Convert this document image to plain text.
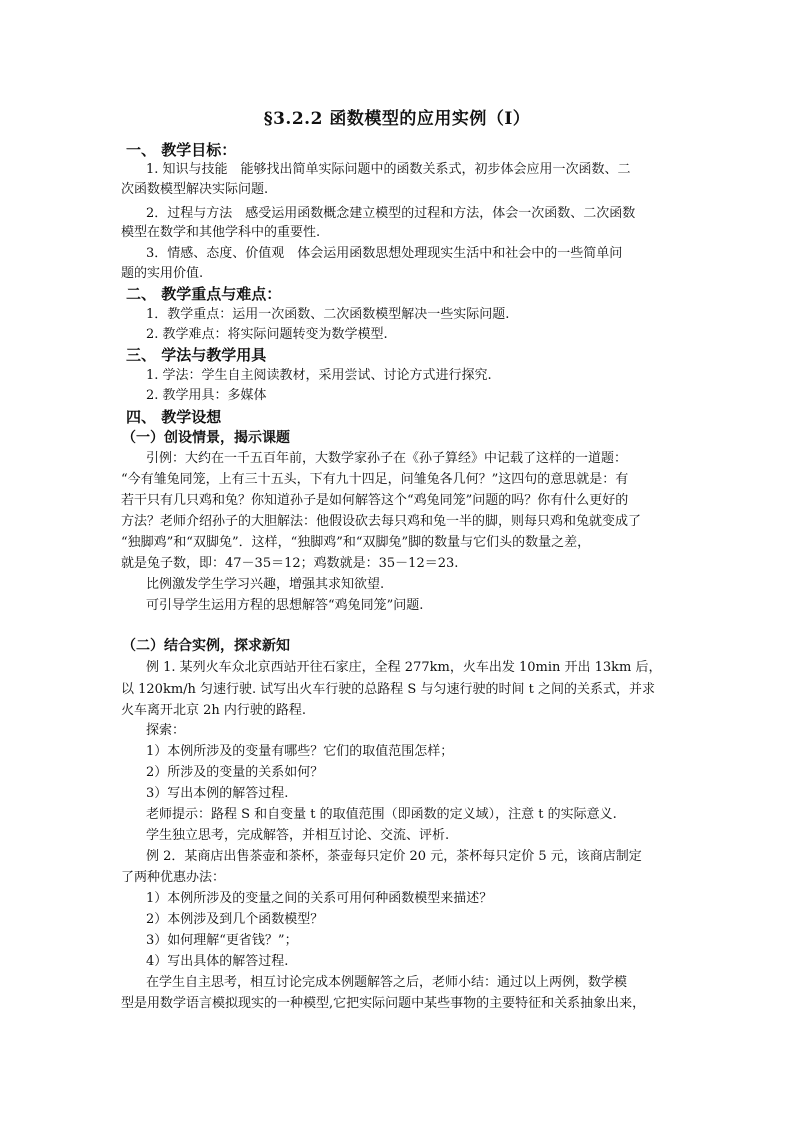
§3.2.2 函数模型的应用实例（Ⅰ）
一、 教学目标：
1. 知识与技能　能够找出简单实际问题中的函数关系式，初步体会应用一次函数、二
次函数模型解决实际问题.
2．过程与方法　感受运用函数概念建立模型的过程和方法，体会一次函数、二次函数
模型在数学和其他学科中的重要性.
3．情感、态度、价值观　体会运用函数思想处理现实生活中和社会中的一些简单问
题的实用价值.
二、 教学重点与难点：
1．教学重点：运用一次函数、二次函数模型解决一些实际问题.
2. 教学难点：将实际问题转变为数学模型.
三、 学法与教学用具
1. 学法：学生自主阅读教材，采用尝试、讨论方式进行探究.
2. 教学用具：多媒体
四、 教学设想
（一）创设情景，揭示课题
引例：大约在一千五百年前，大数学家孙子在《孙子算经》中记载了这样的一道题：
“今有雏兔同笼，上有三十五头，下有九十四足，问雏兔各几何？”这四句的意思就是：有
若干只有几只鸡和兔？你知道孙子是如何解答这个“鸡兔同笼”问题的吗？你有什么更好的
方法？老师介绍孙子的大胆解法：他假设砍去每只鸡和兔一半的脚，则每只鸡和兔就变成了
“独脚鸡”和“双脚兔”．这样，“独脚鸡”和“双脚兔”脚的数量与它们头的数量之差，
就是兔子数，即：47－35＝12；鸡数就是：35－12＝23.
比例激发学生学习兴趣，增强其求知欲望.
可引导学生运用方程的思想解答“鸡兔同笼”问题.
（二）结合实例，探求新知
例 1. 某列火车众北京西站开往石家庄，全程 277km，火车出发 10min 开出 13km 后，
以 120km/h 匀速行驶. 试写出火车行驶的总路程 S 与匀速行驶的时间 t 之间的关系式，并求
火车离开北京 2h 内行驶的路程.
探索：
1）本例所涉及的变量有哪些？它们的取值范围怎样；
2）所涉及的变量的关系如何？
3）写出本例的解答过程.
老师提示：路程 S 和自变量 t 的取值范围（即函数的定义域），注意 t 的实际意义.
学生独立思考，完成解答，并相互讨论、交流、评析.
例 2．某商店出售茶壶和茶杯，茶壶每只定价 20 元，茶杯每只定价 5 元，该商店制定
了两种优惠办法：
1）本例所涉及的变量之间的关系可用何种函数模型来描述？
2）本例涉及到几个函数模型？
3）如何理解“更省钱？”；
4）写出具体的解答过程.
在学生自主思考，相互讨论完成本例题解答之后，老师小结：通过以上两例，数学模
型是用数学语言模拟现实的一种模型,它把实际问题中某些事物的主要特征和关系抽象出来，
